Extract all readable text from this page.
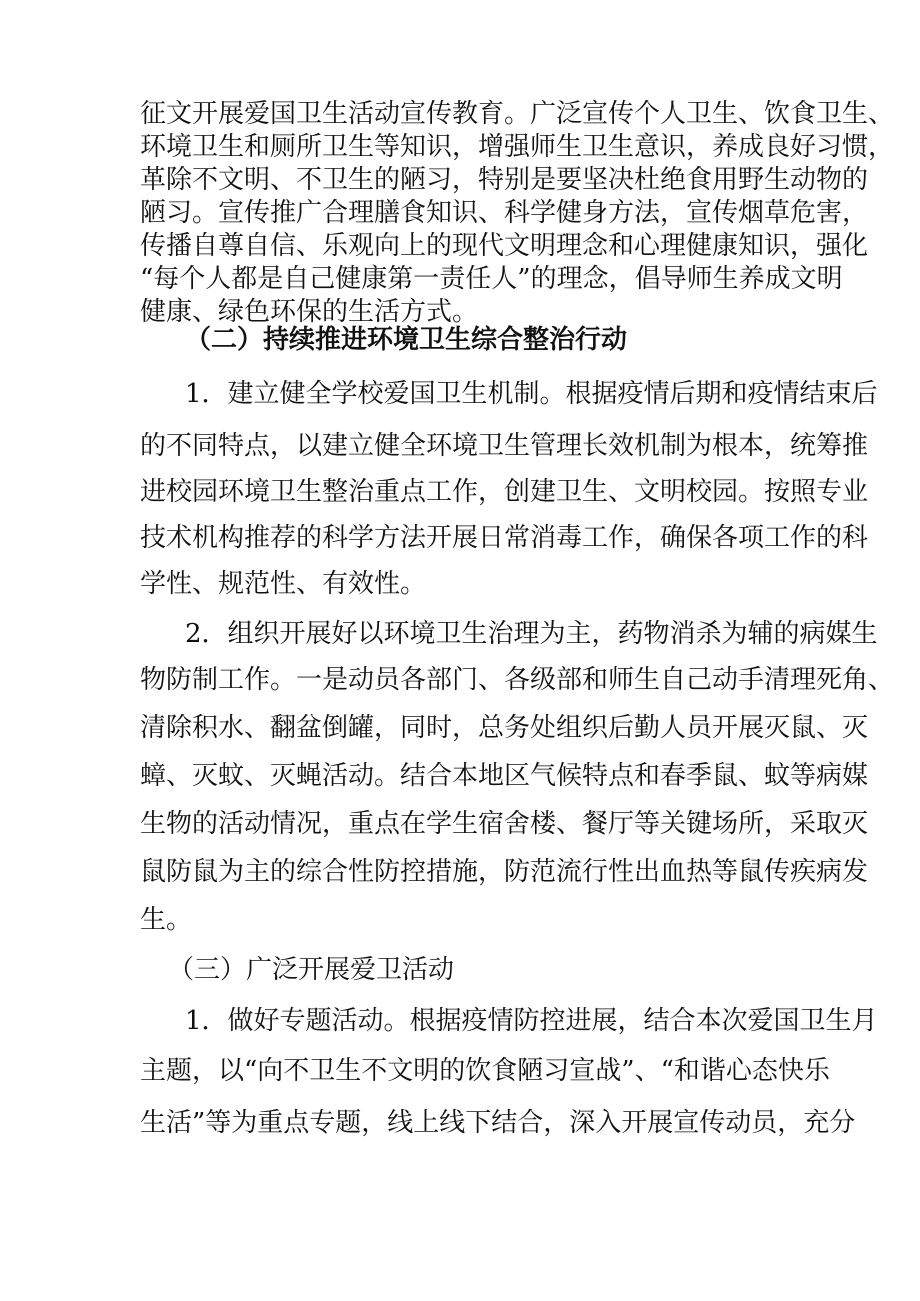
征文开展爱国卫生活动宣传教育。广泛宣传个人卫生、饮食卫生、

环境卫生和厕所卫生等知识，增强师生卫生意识，养成良好习惯，

革除不文明、不卫生的陋习，特别是要坚决杜绝食用野生动物的

陋习。宣传推广合理膳食知识、科学健身方法，宣传烟草危害，

传播自尊自信、乐观向上的现代文明理念和心理健康知识，强化

“每个人都是自己健康第一责任人”的理念，倡导师生养成文明

健康、绿色环保的生活方式。

（二）持续推进环境卫生综合整治行动

1．建立健全学校爱国卫生机制。根据疫情后期和疫情结束后

的不同特点，以建立健全环境卫生管理长效机制为根本，统筹推

进校园环境卫生整治重点工作，创建卫生、文明校园。按照专业

技术机构推荐的科学方法开展日常消毒工作，确保各项工作的科

学性、规范性、有效性。

2．组织开展好以环境卫生治理为主，药物消杀为辅的病媒生

物防制工作。一是动员各部门、各级部和师生自己动手清理死角、

清除积水、翻盆倒罐，同时，总务处组织后勤人员开展灭鼠、灭

蟑、灭蚊、灭蝇活动。结合本地区气候特点和春季鼠、蚊等病媒

生物的活动情况，重点在学生宿舍楼、餐厅等关键场所，采取灭

鼠防鼠为主的综合性防控措施，防范流行性出血热等鼠传疾病发

生。

（三）广泛开展爱卫活动

1．做好专题活动。根据疫情防控进展，结合本次爱国卫生月

主题，以“向不卫生不文明的饮食陋习宣战”、“和谐心态快乐

生活”等为重点专题，线上线下结合，深入开展宣传动员，充分
